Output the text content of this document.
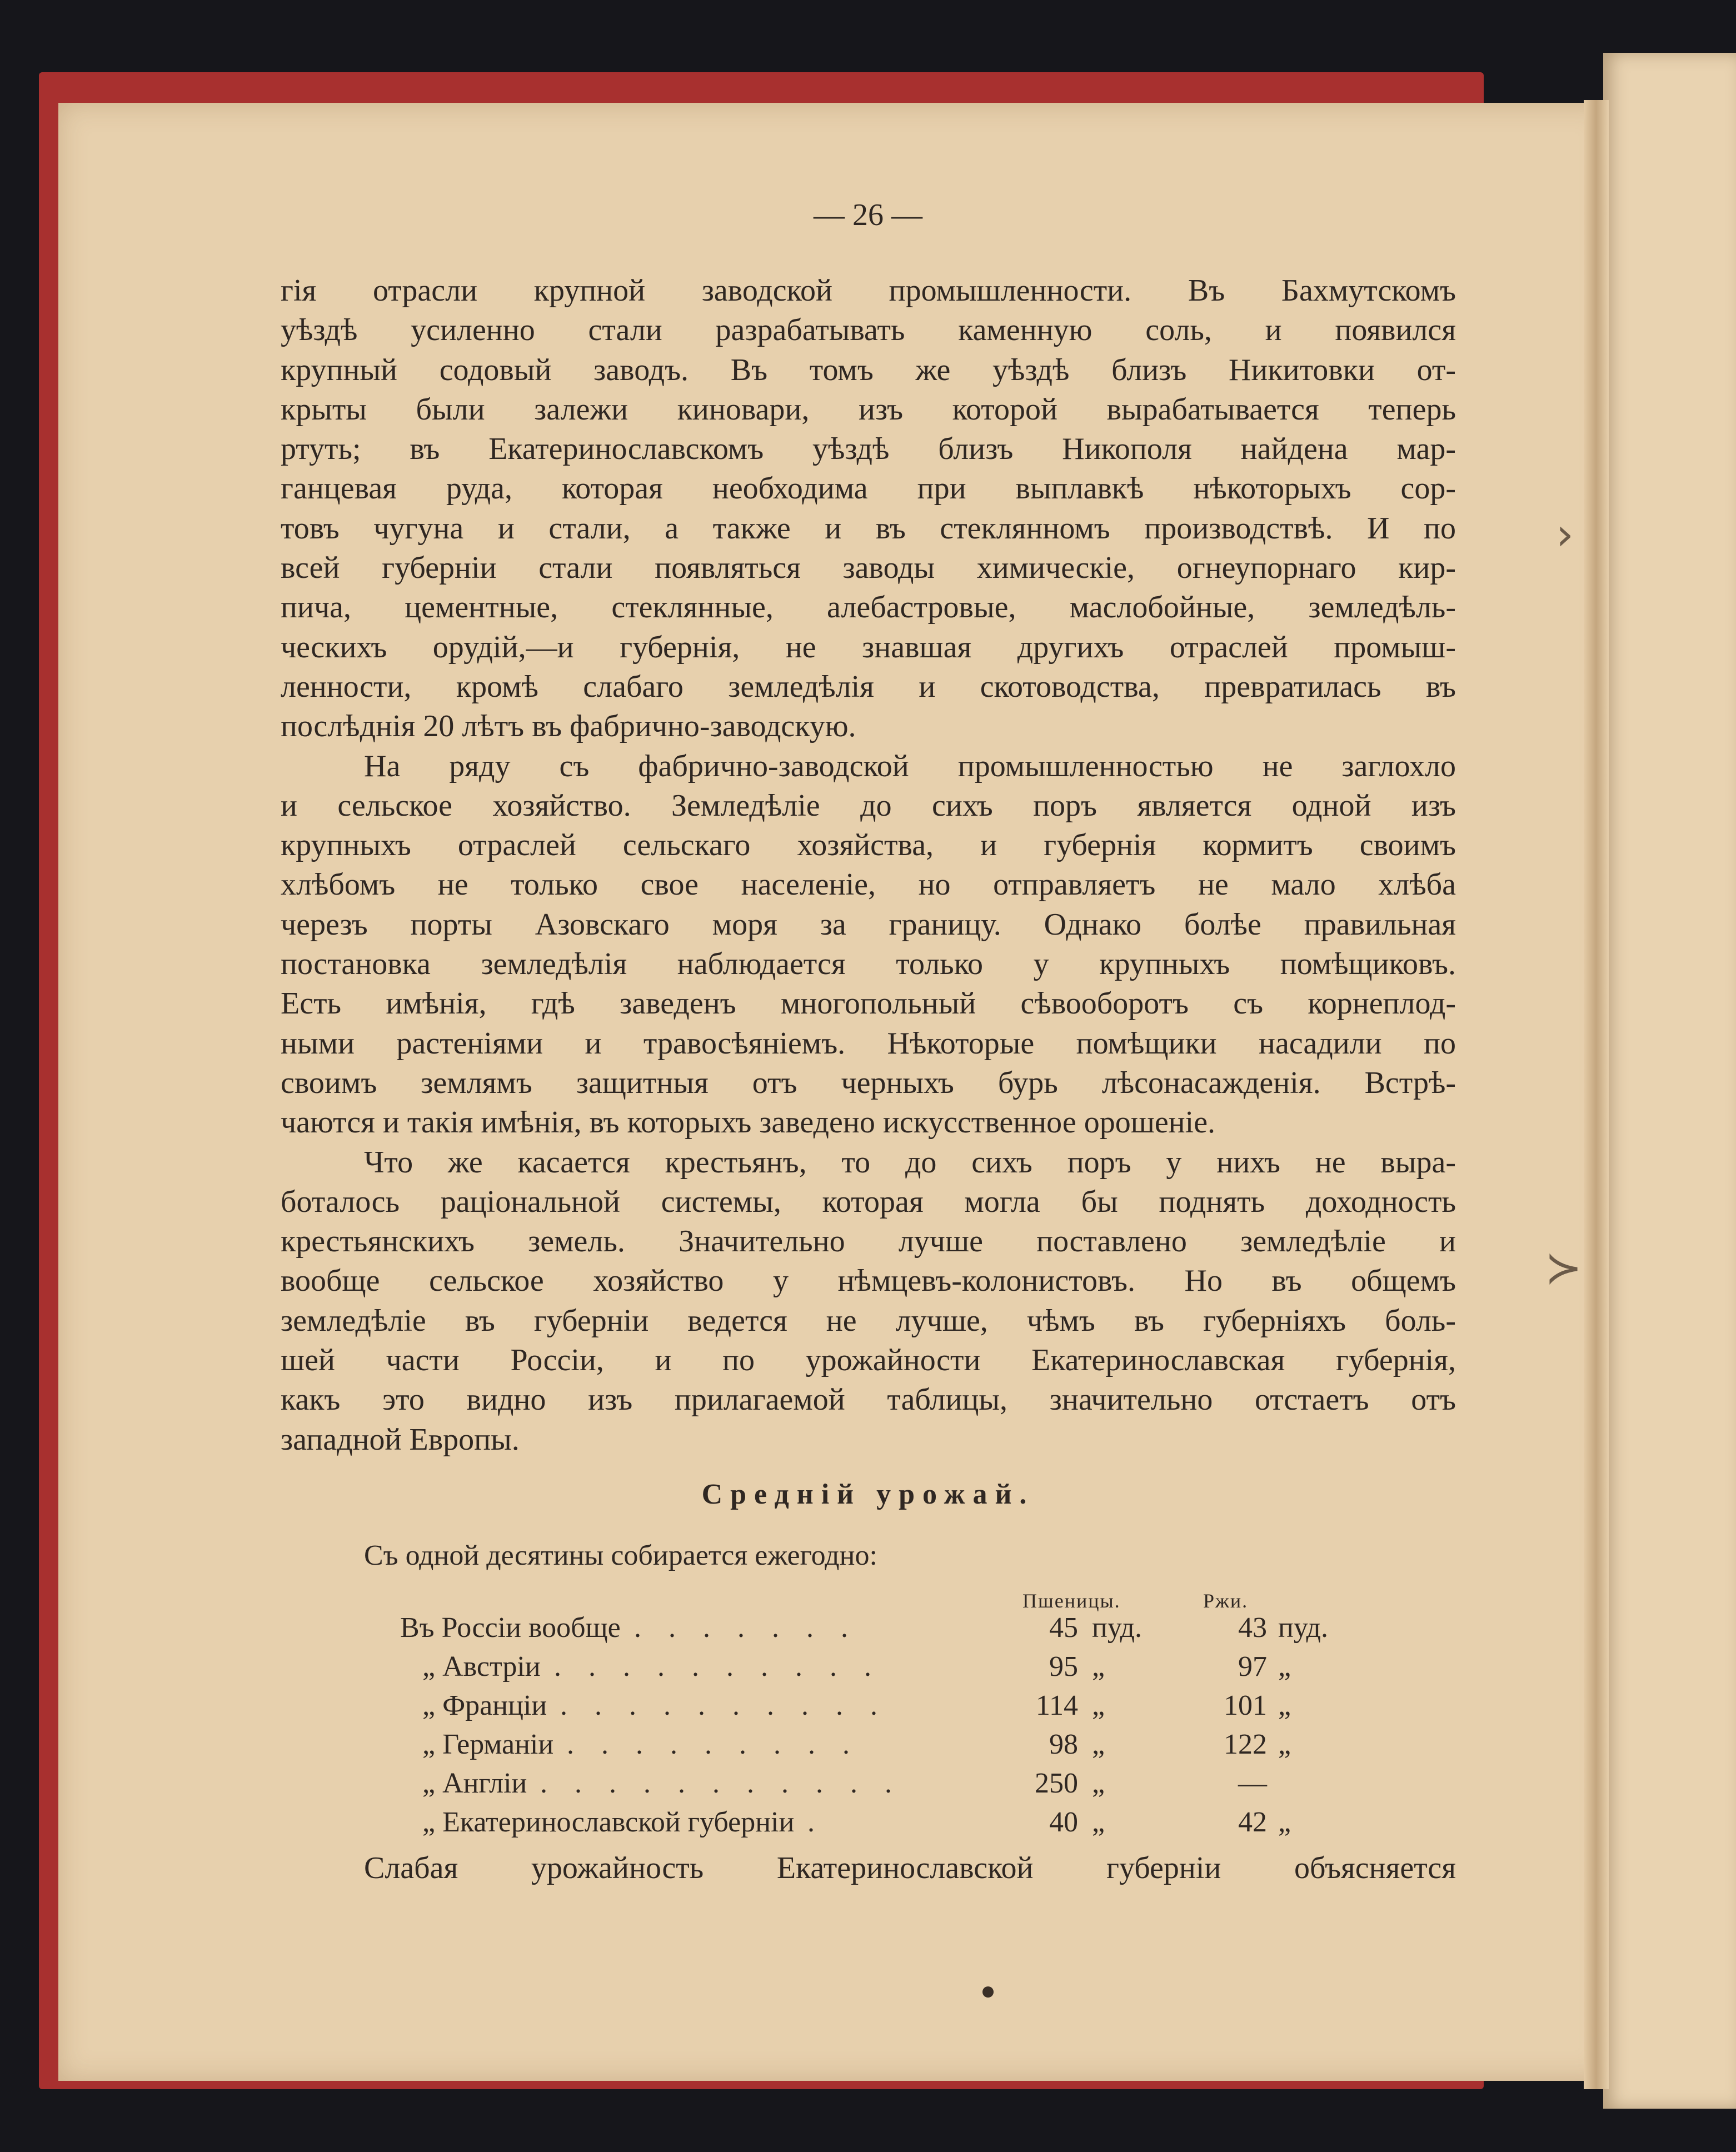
— 26 —
гія отрасли крупной заводской промышленности. Въ Бахмутскомъ
уѣздѣ усиленно стали разрабатывать каменную соль, и появился
крупный содовый заводъ. Въ томъ же уѣздѣ близъ Никитовки от-
крыты были залежи киновари, изъ которой вырабатывается теперь
ртуть; въ Екатеринославскомъ уѣздѣ близъ Никополя найдена мар-
ганцевая руда, которая необходима при выплавкѣ нѣкоторыхъ сор-
товъ чугуна и стали, а также и въ стеклянномъ производствѣ. И по
всей губерніи стали появляться заводы химическіе, огнеупорнаго кир-
пича, цементные, стеклянные, алебастровые, маслобойные, земледѣль-
ческихъ орудій,—и губернія, не знавшая другихъ отраслей промыш-
ленности, кромѣ слабаго земледѣлія и скотоводства, превратилась въ
послѣднія 20 лѣтъ въ фабрично-заводскую.
На ряду съ фабрично-заводской промышленностью не заглохло
и сельское хозяйство. Земледѣліе до сихъ поръ является одной изъ
крупныхъ отраслей сельскаго хозяйства, и губернія кормитъ своимъ
хлѣбомъ не только свое населеніе, но отправляетъ не мало хлѣба
черезъ порты Азовскаго моря за границу. Однако болѣе правильная
постановка земледѣлія наблюдается только у крупныхъ помѣщиковъ.
Есть имѣнія, гдѣ заведенъ многопольный сѣвооборотъ съ корнеплод-
ными растеніями и травосѣяніемъ. Нѣкоторые помѣщики насадили по
своимъ землямъ защитныя отъ черныхъ бурь лѣсонасажденія. Встрѣ-
чаются и такія имѣнія, въ которыхъ заведено искусственное орошеніе.
Что же касается крестьянъ, то до сихъ поръ у нихъ не выра-
боталось раціональной системы, которая могла бы поднять доходность
крестьянскихъ земель. Значительно лучше поставлено земледѣліе и
вообще сельское хозяйство у нѣмцевъ-колонистовъ. Но въ общемъ
земледѣліе въ губерніи ведется не лучше, чѣмъ въ губерніяхъ боль-
шей части Россіи, и по урожайности Екатеринославская губернія,
какъ это видно изъ прилагаемой таблицы, значительно отстаетъ отъ
западной Европы.
Средній урожай.
Съ одной десятины собирается ежегодно:
Пшеницы.	Ржи.
Въ Россіи вообще	45 пуд.	43 пуд.
. . . . . . .
„ Австріи	95 „	97 „
. . . . . . . . . .
„ Франціи	114 „	101 „
. . . . . . . . . .
„ Германіи	98 „	122 „
. . . . . . . . .
„ Англіи	250 „	—
. . . . . . . . . . .
„ Екатеринославской губерніи	40 „	42 „
.
Слабая урожайность Екатеринославской губерніи объясняется
›
≻
